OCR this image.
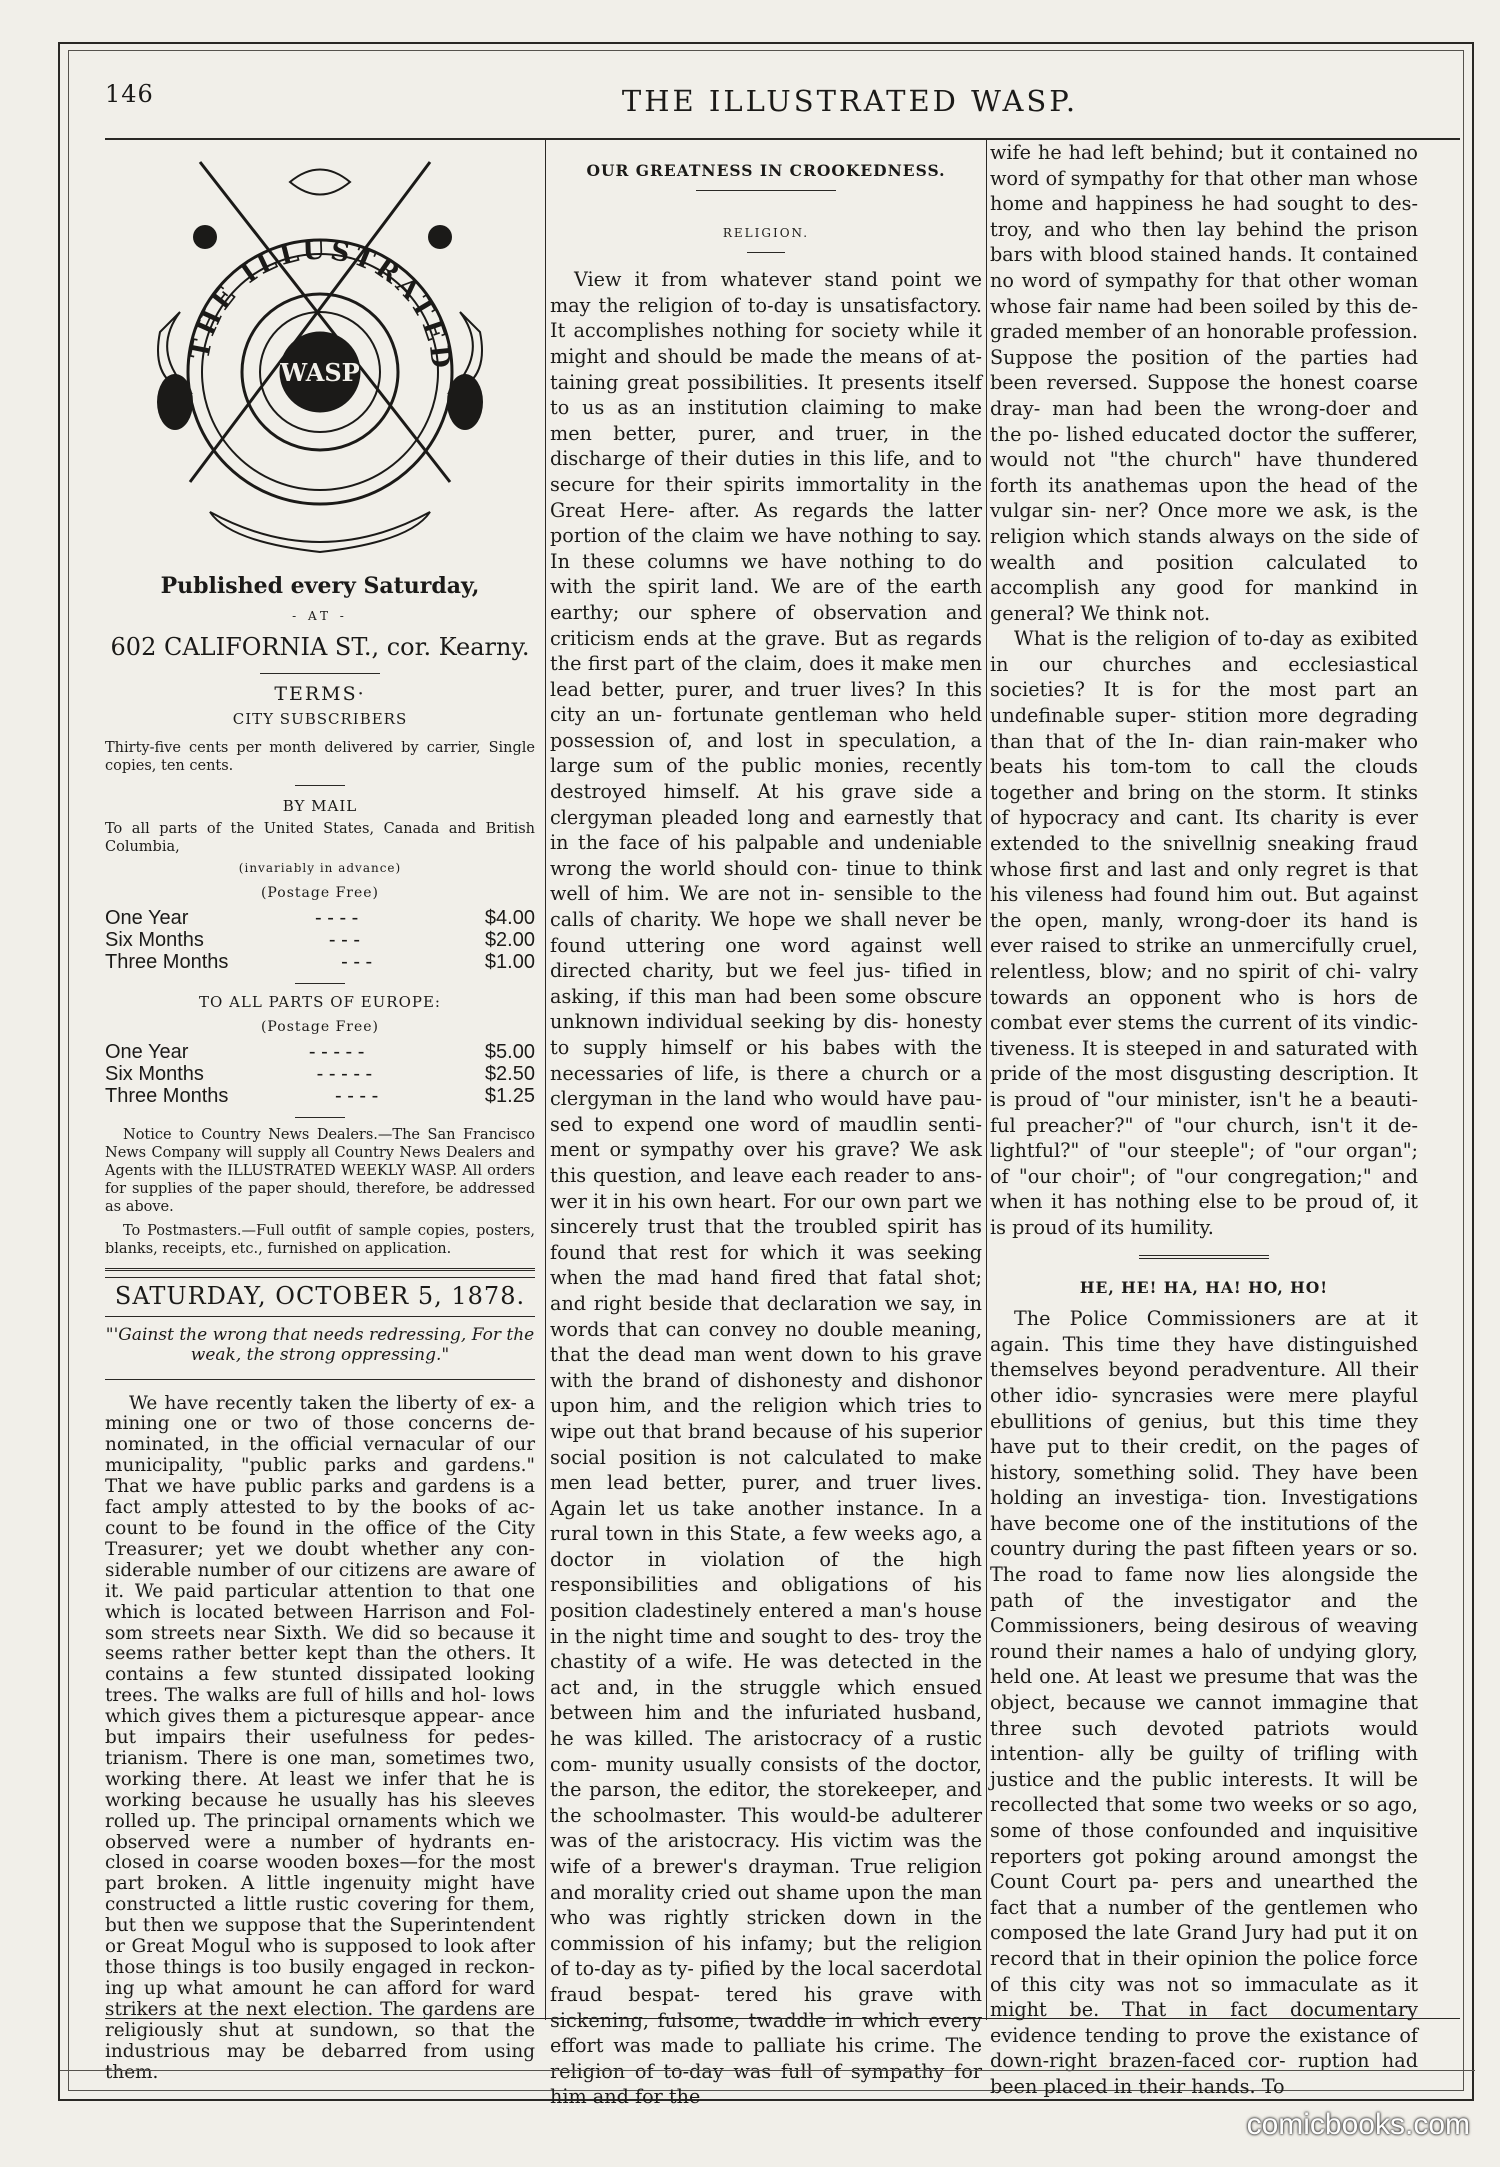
146	THE ILLUSTRATED WASP.
THE ILLUSTRATED
WASP
Published every Saturday,
- AT -
602 CALIFORNIA ST., cor. Kearny.
TERMS·
CITY SUBSCRIBERS
Thirty-five cents per month delivered by carrier, Single copies, ten cents.
BY MAIL
To all parts of the United States, Canada and British Columbia,
(invariably in advance)
(Postage Free)
One Year	- - - -	$4.00
Six Months	- - -	$2.00
Three Months	- - -	$1.00
TO ALL PARTS OF EUROPE:
(Postage Free)
One Year	- - - - -	$5.00
Six Months	- - - - -	$2.50
Three Months	- - - -	$1.25
Notice to Country News Dealers.—The San Francisco News Company will supply all Country News Dealers and Agents with the ILLUSTRATED WEEKLY WASP. All orders for supplies of the paper should, therefore, be addressed as above.
To Postmasters.—Full outfit of sample copies, posters, blanks, receipts, etc., furnished on application.
SATURDAY, OCTOBER 5, 1878.
"'Gainst the wrong that needs redressing, For the weak, the strong oppressing."

We have recently taken the liberty of ex- a mining one or two of those concerns de- nominated, in the official vernacular of our municipality, "public parks and gardens." That we have public parks and gardens is a fact amply attested to by the books of ac- count to be found in the office of the City Treasurer; yet we doubt whether any con- siderable number of our citizens are aware of it. We paid particular attention to that one which is located between Harrison and Fol- som streets near Sixth. We did so because it seems rather better kept than the others. It contains a few stunted dissipated looking trees. The walks are full of hills and hol- lows which gives them a picturesque appear- ance but impairs their usefulness for pedes- trianism. There is one man, sometimes two, working there. At least we infer that he is working because he usually has his sleeves rolled up. The principal ornaments which we observed were a number of hydrants en- closed in coarse wooden boxes—for the most part broken. A little ingenuity might have constructed a little rustic covering for them, but then we suppose that the Superintendent or Great Mogul who is supposed to look after those things is too busily engaged in reckon- ing up what amount he can afford for ward strikers at the next election. The gardens are religiously shut at sundown, so that the industrious may be debarred from using them.

OUR GREATNESS IN CROOKEDNESS.
RELIGION.

View it from whatever stand point we may the religion of to-day is unsatisfactory. It accomplishes nothing for society while it might and should be made the means of at- taining great possibilities. It presents itself to us as an institution claiming to make men better, purer, and truer, in the discharge of their duties in this life, and to secure for their spirits immortality in the Great Here- after. As regards the latter portion of the claim we have nothing to say. In these columns we have nothing to do with the spirit land. We are of the earth earthy; our sphere of observation and criticism ends at the grave. But as regards the first part of the claim, does it make men lead better, purer, and truer lives? In this city an un- fortunate gentleman who held possession of, and lost in speculation, a large sum of the public monies, recently destroyed himself. At his grave side a clergyman pleaded long and earnestly that in the face of his palpable and undeniable wrong the world should con- tinue to think well of him. We are not in- sensible to the calls of charity. We hope we shall never be found uttering one word against well directed charity, but we feel jus- tified in asking, if this man had been some obscure unknown individual seeking by dis- honesty to supply himself or his babes with the necessaries of life, is there a church or a clergyman in the land who would have pau- sed to expend one word of maudlin senti- ment or sympathy over his grave? We ask this question, and leave each reader to ans- wer it in his own heart. For our own part we sincerely trust that the troubled spirit has found that rest for which it was seeking when the mad hand fired that fatal shot; and right beside that declaration we say, in words that can convey no double meaning, that the dead man went down to his grave with the brand of dishonesty and dishonor upon him, and the religion which tries to wipe out that brand because of his superior social position is not calculated to make men lead better, purer, and truer lives. Again let us take another instance. In a rural town in this State, a few weeks ago, a doctor in violation of the high responsibilities and obligations of his position cladestinely entered a man's house in the night time and sought to des- troy the chastity of a wife. He was detected in the act and, in the struggle which ensued between him and the infuriated husband, he was killed. The aristocracy of a rustic com- munity usually consists of the doctor, the parson, the editor, the storekeeper, and the schoolmaster. This would-be adulterer was of the aristocracy. His victim was the wife of a brewer's drayman. True religion and morality cried out shame upon the man who was rightly stricken down in the commission of his infamy; but the religion of to-day as ty- pified by the local sacerdotal fraud bespat- tered his grave with sickening, fulsome, twaddle in which every effort was made to palliate his crime. The religion of to-day was full of sympathy for him and for the

wife he had left behind; but it contained no word of sympathy for that other man whose home and happiness he had sought to des- troy, and who then lay behind the prison bars with blood stained hands. It contained no word of sympathy for that other woman whose fair name had been soiled by this de- graded member of an honorable profession. Suppose the position of the parties had been reversed. Suppose the honest coarse dray- man had been the wrong-doer and the po- lished educated doctor the sufferer, would not "the church" have thundered forth its anathemas upon the head of the vulgar sin- ner? Once more we ask, is the religion which stands always on the side of wealth and position calculated to accomplish any good for mankind in general? We think not.

What is the religion of to-day as exibited in our churches and ecclesiastical societies? It is for the most part an undefinable super- stition more degrading than that of the In- dian rain-maker who beats his tom-tom to call the clouds together and bring on the storm. It stinks of hypocracy and cant. Its charity is ever extended to the snivellnig sneaking fraud whose first and last and only regret is that his vileness had found him out. But against the open, manly, wrong-doer its hand is ever raised to strike an unmercifully cruel, relentless, blow; and no spirit of chi- valry towards an opponent who is hors de combat ever stems the current of its vindic- tiveness. It is steeped in and saturated with pride of the most disgusting description. It is proud of "our minister, isn't he a beauti- ful preacher?" of "our church, isn't it de- lightful?" of "our steeple"; of "our organ"; of "our choir"; of "our congregation;" and when it has nothing else to be proud of, it is proud of its humility.

HE, HE! HA, HA! HO, HO!

The Police Commissioners are at it again. This time they have distinguished themselves beyond peradventure. All their other idio- syncrasies were mere playful ebullitions of genius, but this time they have put to their credit, on the pages of history, something solid. They have been holding an investiga- tion. Investigations have become one of the institutions of the country during the past fifteen years or so. The road to fame now lies alongside the path of the investigator and the Commissioners, being desirous of weaving round their names a halo of undying glory, held one. At least we presume that was the object, because we cannot immagine that three such devoted patriots would intention- ally be guilty of trifling with justice and the public interests. It will be recollected that some two weeks or so ago, some of those confounded and inquisitive reporters got poking around amongst the Count Court pa- pers and unearthed the fact that a number of the gentlemen who composed the late Grand Jury had put it on record that in their opinion the police force of this city was not so immaculate as it might be. That in fact documentary evidence tending to prove the existance of down-right brazen-faced cor- ruption had been placed in their hands. To

comicbooks.com
